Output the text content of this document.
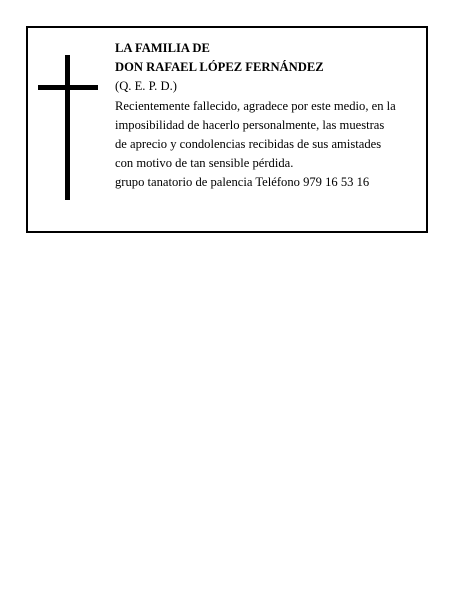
LA FAMILIA DE
DON RAFAEL LÓPEZ FERNÁNDEZ
(Q. E. P. D.)
Recientemente fallecido, agradece por este medio, en la
imposibilidad de hacerlo personalmente, las muestras
de aprecio y condolencias recibidas de sus amistades
con motivo de tan sensible pérdida.
grupo tanatorio de palencia Teléfono 979 16 53 16
